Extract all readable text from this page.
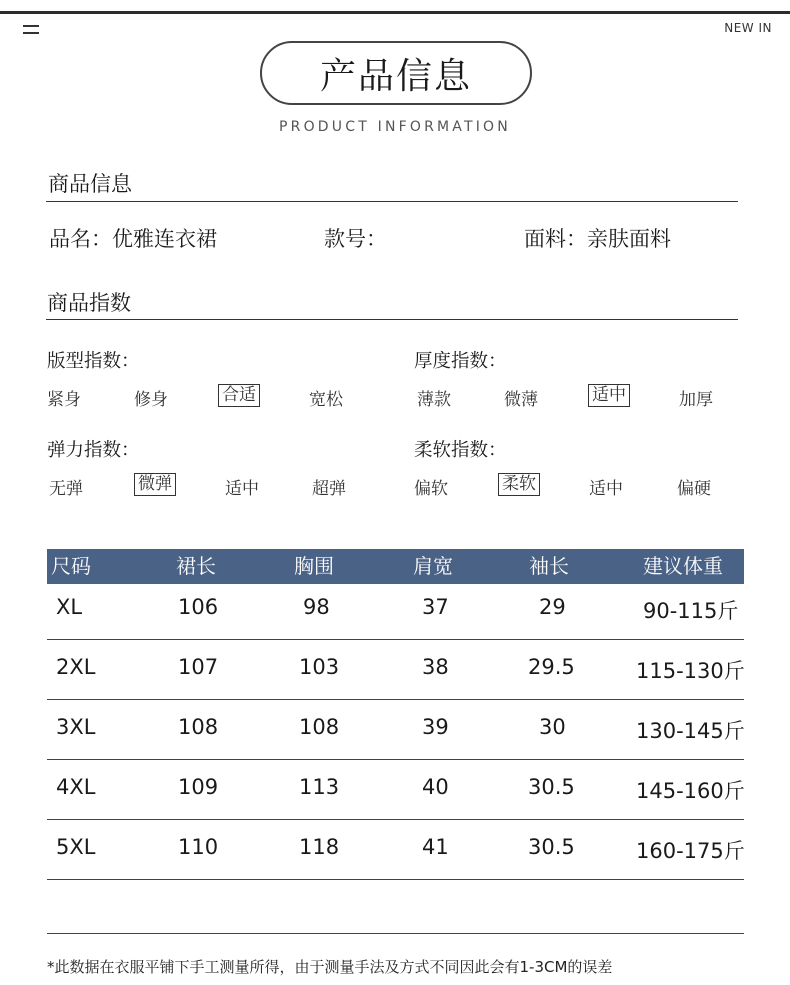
NEW IN
产品信息
PRODUCT INFORMATION
商品信息
品名：优雅连衣裙	款号：	面料：亲肤面料
商品指数
版型指数：
紧身	修身	合适	宽松
厚度指数：
薄款	微薄	适中	加厚
弹力指数：
无弹	微弹	适中	超弹
柔软指数：
偏软	柔软	适中	偏硬
尺码	裙长	胸围	肩宽	袖长	建议体重
XL	106	98	37	29	90-115斤
2XL	107	103	38	29.5	115-130斤
3XL	108	108	39	30	130-145斤
4XL	109	113	40	30.5	145-160斤
5XL	110	118	41	30.5	160-175斤
*此数据在衣服平铺下手工测量所得，由于测量手法及方式不同因此会有1-3CM的误差
